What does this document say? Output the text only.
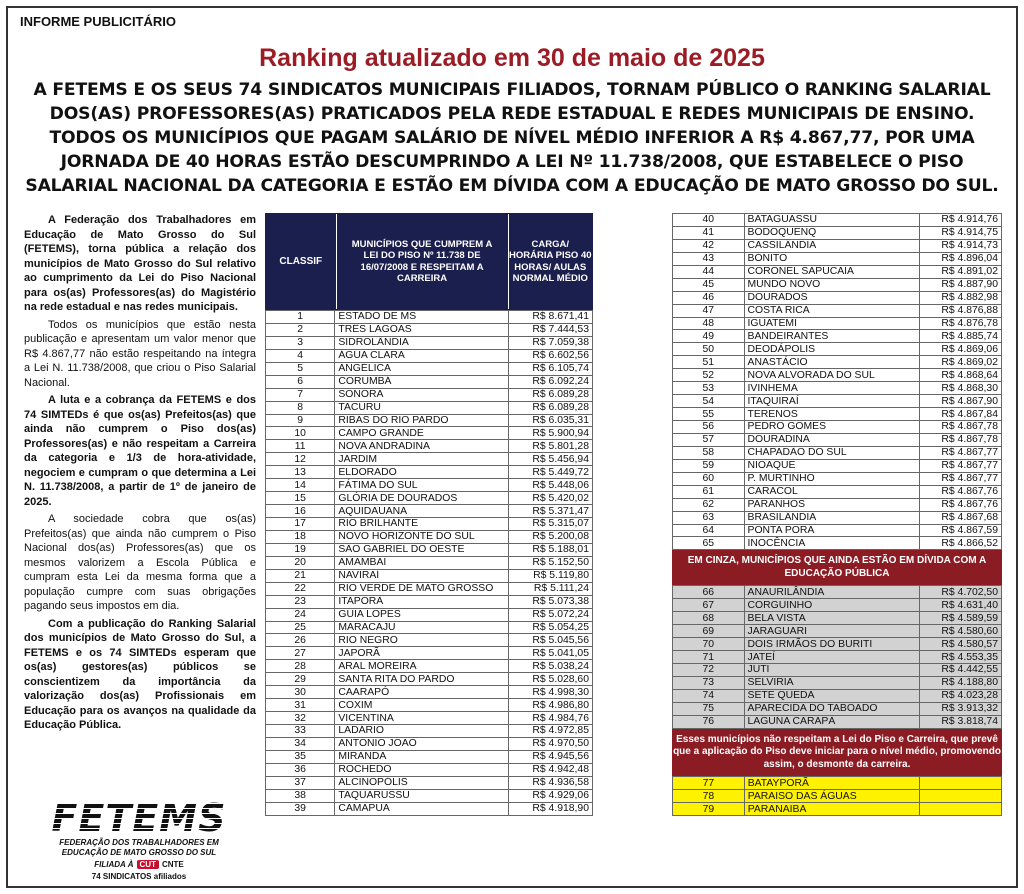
INFORME PUBLICITÁRIO
Ranking atualizado em 30 de maio de 2025
A FETEMS E OS SEUS 74 SINDICATOS MUNICIPAIS FILIADOS, TORNAM PÚBLICO O RANKING SALARIAL DOS(AS) PROFESSORES(AS) PRATICADOS PELA REDE ESTADUAL E REDES MUNICIPAIS DE ENSINO. TODOS OS MUNICÍPIOS QUE PAGAM SALÁRIO DE NÍVEL MÉDIO INFERIOR A R$ 4.867,77, POR UMA JORNADA DE 40 HORAS ESTÃO DESCUMPRINDO A LEI Nº 11.738/2008, QUE ESTABELECE O PISO SALARIAL NACIONAL DA CATEGORIA E ESTÃO EM DÍVIDA COM A EDUCAÇÃO DE MATO GROSSO DO SUL.

A Federação dos Trabalhadores em Educação de Mato Grosso do Sul (FETEMS), torna pública a relação dos municípios de Mato Grosso do Sul relativo ao cumprimento da Lei do Piso Nacional para os(as) Professores(as) do Magistério na rede estadual e nas redes municipais.

Todos os municípios que estão nesta publicação e apresentam um valor menor que R$ 4.867,77 não estão respeitando na íntegra a Lei N. 11.738/2008, que criou o Piso Salarial Nacional.

A luta e a cobrança da FETEMS e dos 74 SIMTEDs é que os(as) Prefeitos(as) que ainda não cumprem o Piso dos(as) Professores(as) e não respeitam a Carreira da categoria e 1/3 de hora-atividade, negociem e cumpram o que determina a Lei N. 11.738/2008, a partir de 1º de janeiro de 2025.

A sociedade cobra que os(as) Prefeitos(as) que ainda não cumprem o Piso Nacional dos(as) Professores(as) que os mesmos valorizem a Escola Pública e cumpram esta Lei da mesma forma que a população cumpre com suas obrigações pagando seus impostos em dia.

Com a publicação do Ranking Salarial dos municípios de Mato Grosso do Sul, a FETEMS e os 74 SIMTEDs esperam que os(as) gestores(as) públicos se conscientizem da importância da valorização dos(as) Profissionais em Educação para os avanços na qualidade da Educação Pública.

FETEMS
FEDERAÇÃO DOS TRABALHADORES EM EDUCAÇÃO DE MATO GROSSO DO SUL
FILIADA À CUT CNTE
74 SINDICATOS afiliados
CLASSIF
MUNICÍPIOS QUE CUMPREM A LEI DO PISO Nº 11.738 DE 16/07/2008 E RESPEITAM A CARREIRA
CARGA/ HORÁRIA PISO 40 HORAS/ AULAS NORMAL MÉDIO
1	ESTADO DE MS	R$ 8.671,41
2	TRÊS LAGOAS	R$ 7.444,53
3	SIDROLÂNDIA	R$ 7.059,38
4	ÁGUA CLARA	R$ 6.602,56
5	ANGÉLICA	R$ 6.105,74
6	CORUMBÁ	R$ 6.092,24
7	SONORA	R$ 6.089,28
8	TACURU	R$ 6.089,28
9	RIBAS DO RIO PARDO	R$ 6.035,31
10	CAMPO GRANDE	R$ 5.900,94
11	NOVA ANDRADINA	R$ 5.801,28
12	JARDIM	R$ 5.456,94
13	ELDORADO	R$ 5.449,72
14	FÁTIMA DO SUL	R$ 5.448,06
15	GLÓRIA DE DOURADOS	R$ 5.420,02
16	AQUIDAUANA	R$ 5.371,47
17	RIO BRILHANTE	R$ 5.315,07
18	NOVO HORIZONTE DO SUL	R$ 5.200,08
19	SÃO GABRIEL DO OESTE	R$ 5.188,01
20	AMAMBAI	R$ 5.152,50
21	NAVIRAÍ	R$ 5.119,80
22	RIO VERDE DE MATO GROSSO	R$ 5.111,24
23	ITAPORÃ	R$ 5.073,38
24	GUIA LOPES	R$ 5.072,24
25	MARACAJU	R$ 5.054,25
26	RIO NEGRO	R$ 5.045,56
27	JAPORÃ	R$ 5.041,05
28	ARAL MOREIRA	R$ 5.038,24
29	SANTA RITA DO PARDO	R$ 5.028,60
30	CAARAPÓ	R$ 4.998,30
31	COXIM	R$ 4.986,80
32	VICENTINA	R$ 4.984,76
33	LADÁRIO	R$ 4.972,85
34	ANTONIO JOÃO	R$ 4.970,50
35	MIRANDA	R$ 4.945,56
36	ROCHEDO	R$ 4.942,48
37	ALCINOPÓLIS	R$ 4.936,58
38	TAQUARUSSU	R$ 4.929,06
39	CAMAPUÃ	R$ 4.918,90
40	BATAGUASSU	R$ 4.914,76
41	BODOQUENQ	R$ 4.914,75
42	CASSILÂNDIA	R$ 4.914,73
43	BONITO	R$ 4.896,04
44	CORONEL SAPUCAIA	R$ 4.891,02
45	MUNDO NOVO	R$ 4.887,90
46	DOURADOS	R$ 4.882,98
47	COSTA RICA	R$ 4.876,88
48	IGUATEMI	R$ 4.876,78
49	BANDEIRANTES	R$ 4.885,74
50	DEODÁPOLIS	R$ 4.869,06
51	ANASTÁCIO	R$ 4.869,02
52	NOVA ALVORADA DO SUL	R$ 4.868,64
53	IVINHEMA	R$ 4.868,30
54	ITAQUIRAÍ	R$ 4.867,90
55	TERENOS	R$ 4.867,84
56	PEDRO GOMES	R$ 4.867,78
57	DOURADINA	R$ 4.867,78
58	CHAPADÃO DO SUL	R$ 4.867,77
59	NIOAQUE	R$ 4.867,77
60	P. MURTINHO	R$ 4.867,77
61	CARACOL	R$ 4.867,76
62	PARANHOS	R$ 4.867,76
63	BRASILÂNDIA	R$ 4.867,68
64	PONTA PORÃ	R$ 4.867,59
65	INOCÊNCIA	R$ 4.866,52
EM CINZA, MUNICÍPIOS QUE AINDA ESTÃO EM DÍVIDA COM A EDUCAÇÃO PÚBLICA
66	ANAURILÂNDIA	R$ 4.702,50
67	CORGUINHO	R$ 4.631,40
68	BELA VISTA	R$ 4.589,59
69	JARAGUARI	R$ 4.580,60
70	DOIS IRMÃOS DO BURITI	R$ 4.580,57
71	JATEÍ	R$ 4.553,35
72	JUTI	R$ 4.442,55
73	SELVIRIA	R$ 4.188,80
74	SETE QUEDA	R$ 4.023,28
75	APARECIDA DO TABOADO	R$ 3.913,32
76	LAGUNA CARAPÃ	R$ 3.818,74
Esses municípios não respeitam a Lei do Piso e Carreira, que prevê que a aplicação do Piso deve iniciar para o nível médio, promovendo assim, o desmonte da carreira.
77	BATAYPORÃ	
78	PARAISO DAS ÁGUAS	
79	PARANAIBA	
